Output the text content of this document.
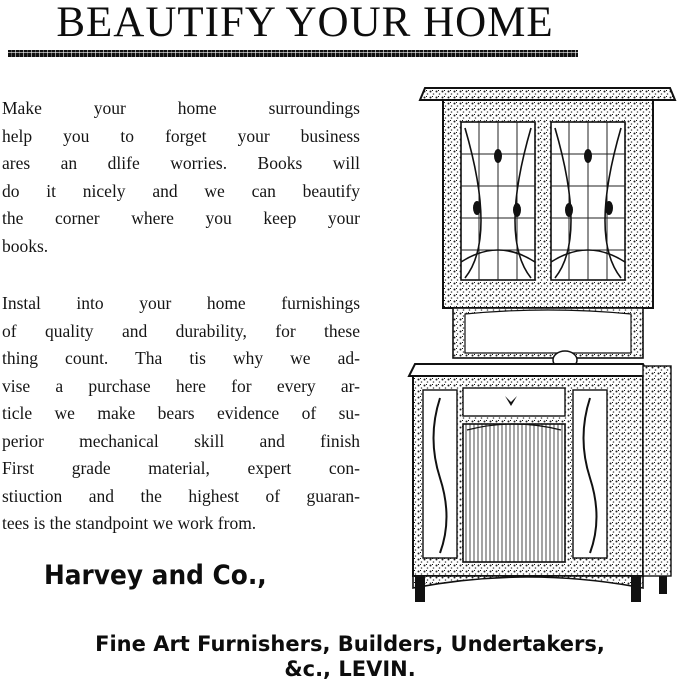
BEAUTIFY YOUR HOME
Make your home surroundings
help you to forget your business
ares an dlife worries. Books will
do it nicely and we can beautify
the corner where you keep your
books.
Instal into your home furnishings
of quality and durability, for these
thing count. Tha tis why we ad-
vise a purchase here for every ar-
ticle we make bears evidence of su-
perior mechanical skill and finish
First grade material, expert con-
stiuction and the highest of guaran-
tees is the standpoint we work from.
Harvey and Co.,
Fine Art Furnishers, Builders, Undertakers,
&c., LEVIN.
